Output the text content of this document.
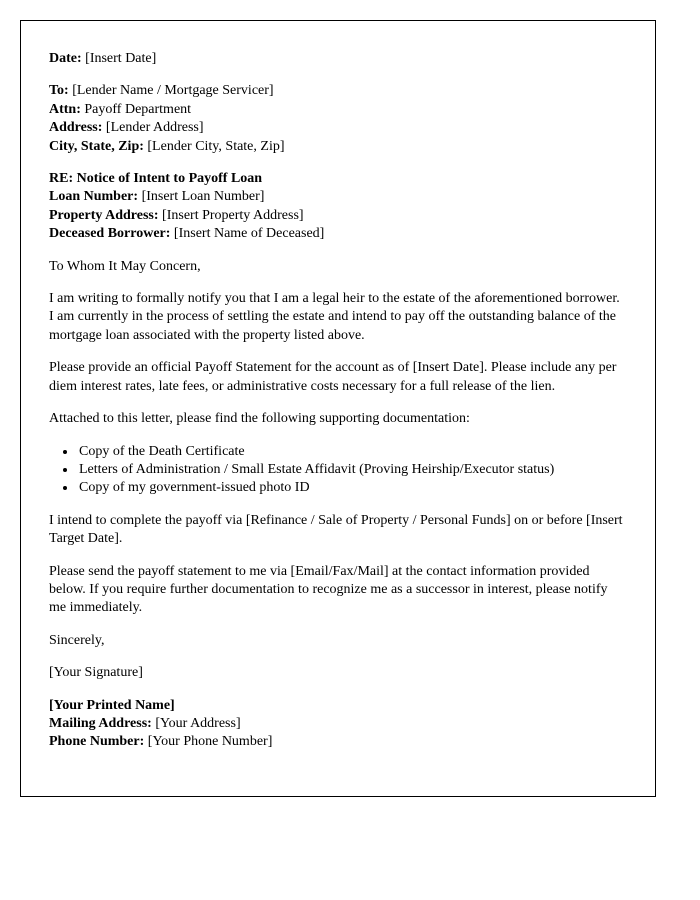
Date: [Insert Date]

To: [Lender Name / Mortgage Servicer]

Attn: Payoff Department

Address: [Lender Address]

City, State, Zip: [Lender City, State, Zip]

RE: Notice of Intent to Payoff Loan

Loan Number: [Insert Loan Number]

Property Address: [Insert Property Address]

Deceased Borrower: [Insert Name of Deceased]

To Whom It May Concern,

I am writing to formally notify you that I am a legal heir to the estate of the aforementioned borrower. I am currently in the process of settling the estate and intend to pay off the outstanding balance of the mortgage loan associated with the property listed above.

Please provide an official Payoff Statement for the account as of [Insert Date]. Please include any per diem interest rates, late fees, or administrative costs necessary for a full release of the lien.

Attached to this letter, please find the following supporting documentation:

• Copy of the Death Certificate
• Letters of Administration / Small Estate Affidavit (Proving Heirship/Executor status)
• Copy of my government-issued photo ID

I intend to complete the payoff via [Refinance / Sale of Property / Personal Funds] on or before [Insert Target Date].

Please send the payoff statement to me via [Email/Fax/Mail] at the contact information provided below. If you require further documentation to recognize me as a successor in interest, please notify me immediately.

Sincerely,

[Your Signature]

[Your Printed Name]

Mailing Address: [Your Address]

Phone Number: [Your Phone Number]
